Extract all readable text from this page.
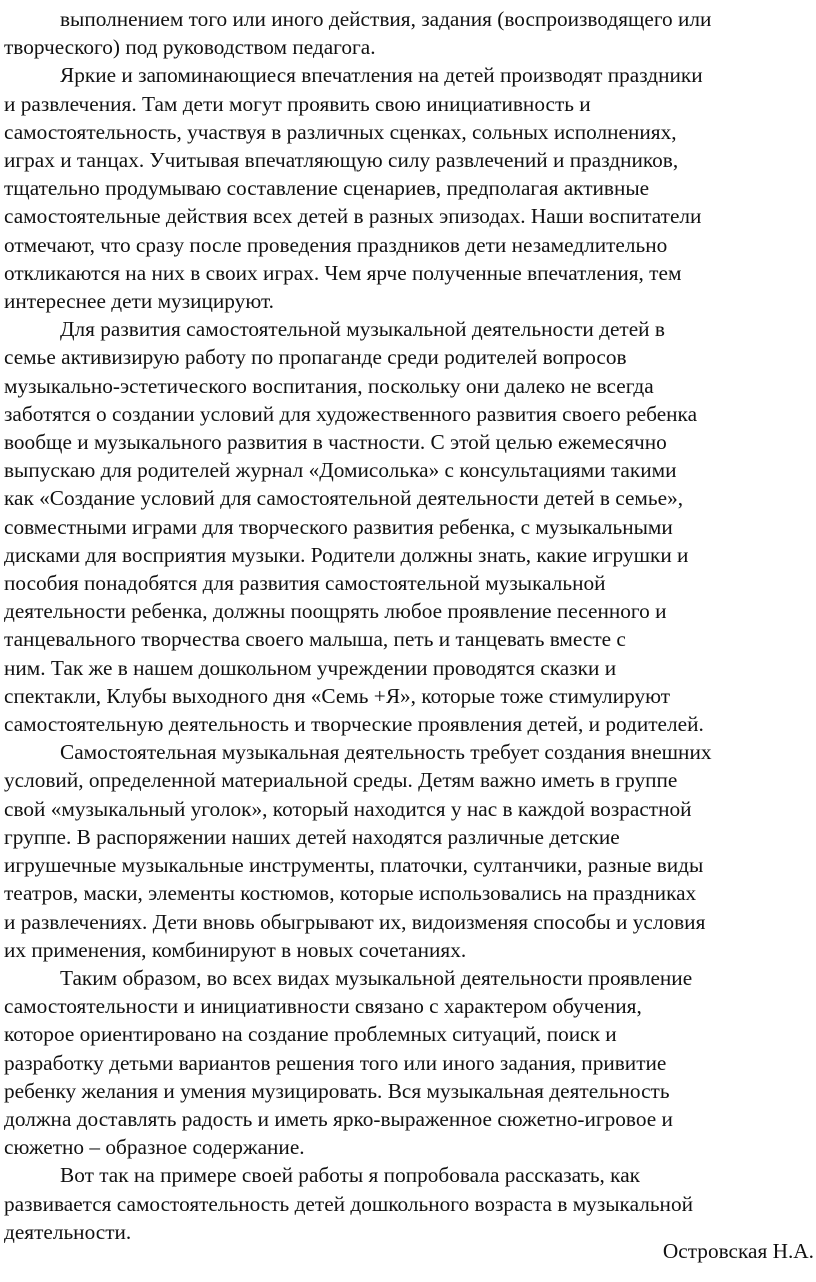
выполнением того или иного действия, задания (воспроизводящего или
творческого) под руководством педагога.
Яркие и запоминающиеся впечатления на детей производят праздники
и развлечения. Там дети могут проявить свою инициативность и
самостоятельность, участвуя в различных сценках, сольных исполнениях,
играх и танцах. Учитывая впечатляющую силу развлечений и праздников,
тщательно продумываю составление сценариев, предполагая активные
самостоятельные действия всех детей в разных эпизодах. Наши воспитатели
отмечают, что сразу после проведения праздников дети незамедлительно
откликаются на них в своих играх. Чем ярче полученные впечатления, тем
интереснее дети музицируют.
Для развития самостоятельной музыкальной деятельности детей в
семье активизирую работу по пропаганде среди родителей вопросов
музыкально-эстетического воспитания, поскольку они далеко не всегда
заботятся о создании условий для художественного развития своего ребенка
вообще и музыкального развития в частности. С этой целью ежемесячно
выпускаю для родителей журнал «Домисолька» с консультациями такими
как «Создание условий для самостоятельной деятельности детей в семье»,
совместными играми для творческого развития ребенка, с музыкальными
дисками для восприятия музыки. Родители должны знать, какие игрушки и
пособия понадобятся для развития самостоятельной музыкальной
деятельности ребенка, должны поощрять любое проявление песенного и
танцевального творчества своего малыша, петь и танцевать вместе с
ним. Так же в нашем дошкольном учреждении проводятся сказки и
спектакли, Клубы выходного дня «Семь +Я», которые тоже стимулируют
самостоятельную деятельность и творческие проявления детей, и родителей.
Самостоятельная музыкальная деятельность требует создания внешних
условий, определенной материальной среды. Детям важно иметь в группе
свой «музыкальный уголок», который находится у нас в каждой возрастной
группе. В распоряжении наших детей находятся различные детские
игрушечные музыкальные инструменты, платочки, султанчики, разные виды
театров, маски, элементы костюмов, которые использовались на праздниках
и развлечениях. Дети вновь обыгрывают их, видоизменяя способы и условия
их применения, комбинируют в новых сочетаниях.
Таким образом, во всех видах музыкальной деятельности проявление
самостоятельности и инициативности связано с характером обучения,
которое ориентировано на создание проблемных ситуаций, поиск и
разработку детьми вариантов решения того или иного задания, привитие
ребенку желания и умения музицировать. Вся музыкальная деятельность
должна доставлять радость и иметь ярко-выраженное сюжетно-игровое и
сюжетно – образное содержание.
Вот так на примере своей работы я попробовала рассказать, как
развивается самостоятельность детей дошкольного возраста в музыкальной
деятельности.
Островская Н.А.
